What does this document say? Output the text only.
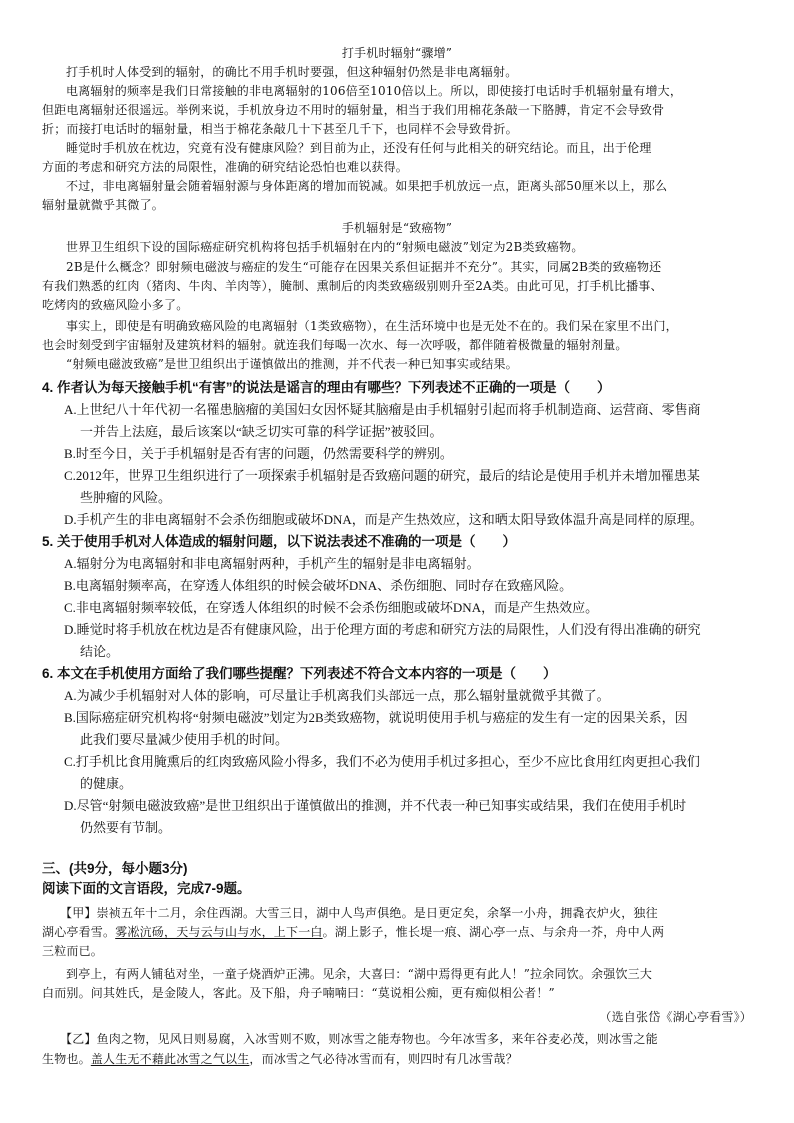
打手机时辐射“骤增”
打手机时人体受到的辐射，的确比不用手机时要强，但这种辐射仍然是非电离辐射。
电离辐射的频率是我们日常接触的非电离辐射的106倍至1010倍以上。所以，即使接打电话时手机辐射量有增大，
但距电离辐射还很遥远。举例来说，手机放身边不用时的辐射量，相当于我们用棉花条敲一下胳膊，肯定不会导致骨
折；而接打电话时的辐射量，相当于棉花条敲几十下甚至几千下，也同样不会导致骨折。
睡觉时手机放在枕边，究竟有没有健康风险？到目前为止，还没有任何与此相关的研究结论。而且，出于伦理
方面的考虑和研究方法的局限性，准确的研究结论恐怕也难以获得。
不过，非电离辐射量会随着辐射源与身体距离的增加而锐减。如果把手机放远一点，距离头部50厘米以上，那么
辐射量就微乎其微了。
手机辐射是“致癌物”
世界卫生组织下设的国际癌症研究机构将包括手机辐射在内的“射频电磁波”划定为2B类致癌物。
2B是什么概念？即射频电磁波与癌症的发生“可能存在因果关系但证据并不充分”。其实，同属2B类的致癌物还
有我们熟悉的红肉（猪肉、牛肉、羊肉等），腌制、熏制后的肉类致癌级别则升至2A类。由此可见，打手机比播事、
吃烤肉的致癌风险小多了。
事实上，即使是有明确致癌风险的电离辐射（1类致癌物），在生活环境中也是无处不在的。我们呆在家里不出门，
也会时刻受到宇宙辐射及建筑材料的辐射。就连我们每喝一次水、每一次呼吸，都伴随着极微量的辐射剂量。
“射频电磁波致癌”是世卫组织出于谨慎做出的推测，并不代表一种已知事实或结果。
4. 作者认为每天接触手机“有害”的说法是谣言的理由有哪些？下列表述不正确的一项是（　　）
A.上世纪八十年代初一名罹患脑瘤的美国妇女因怀疑其脑瘤是由手机辐射引起而将手机制造商、运营商、零售商
一并告上法庭，最后该案以“缺乏切实可靠的科学证据”被驳回。
B.时至今日，关于手机辐射是否有害的问题，仍然需要科学的辨别。
C.2012年，世界卫生组织进行了一项探索手机辐射是否致癌问题的研究，最后的结论是使用手机并未增加罹患某
些肿瘤的风险。
D.手机产生的非电离辐射不会杀伤细胞或破坏DNA，而是产生热效应，这和晒太阳导致体温升高是同样的原理。
5. 关于使用手机对人体造成的辐射问题，以下说法表述不准确的一项是（　　）
A.辐射分为电离辐射和非电离辐射两种，手机产生的辐射是非电离辐射。
B.电离辐射频率高，在穿透人体组织的时候会破坏DNA、杀伤细胞、同时存在致癌风险。
C.非电离辐射频率较低，在穿透人体组织的时候不会杀伤细胞或破坏DNA，而是产生热效应。
D.睡觉时将手机放在枕边是否有健康风险，出于伦理方面的考虑和研究方法的局限性，人们没有得出准确的研究
结论。
6. 本文在手机使用方面给了我们哪些提醒？下列表述不符合文本内容的一项是（　　）
A.为减少手机辐射对人体的影响，可尽量让手机离我们头部远一点，那么辐射量就微乎其微了。
B.国际癌症研究机构将“射频电磁波”划定为2B类致癌物，就说明使用手机与癌症的发生有一定的因果关系，因
此我们要尽量减少使用手机的时间。
C.打手机比食用腌熏后的红肉致癌风险小得多，我们不必为使用手机过多担心，至少不应比食用红肉更担心我们
的健康。
D.尽管“射频电磁波致癌”是世卫组织出于谨慎做出的推测，并不代表一种已知事实或结果，我们在使用手机时
仍然要有节制。
三、(共9分，每小题3分)
阅读下面的文言语段，完成7-9题。
【甲】崇祯五年十二月，余住西湖。大雪三日，湖中人鸟声俱绝。是日更定矣，余拏一小舟，拥毳衣炉火，独往
湖心亭看雪。雾凇沆砀，天与云与山与水，上下一白。湖上影子，惟长堤一痕、湖心亭一点、与余舟一芥，舟中人两
三粒而已。
到亭上，有两人铺毡对坐，一童子烧酒炉正沸。见余，大喜曰：“湖中焉得更有此人！”拉余同饮。余强饮三大
白而别。问其姓氏，是金陵人，客此。及下船，舟子喃喃曰：“莫说相公痴，更有痴似相公者！”
（选自张岱《湖心亭看雪》）
【乙】鱼肉之物，见风日则易腐，入冰雪则不败，则冰雪之能寿物也。今年冰雪多，来年谷麦必茂，则冰雪之能
生物也。盖人生无不藉此冰雪之气以生，而冰雪之气必待冰雪而有，则四时有几冰雪哉？
